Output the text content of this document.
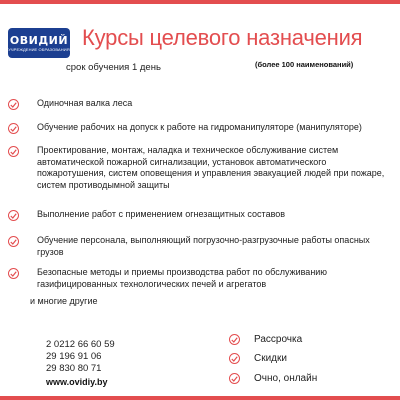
ОВИДИЙ
УЧРЕЖДЕНИЕ ОБРАЗОВАНИЯ Курсы целевого назначения
срок обучения 1 день	(более 100 наименований)
Одиночная валка леса
Обучение рабочих на допуск к работе на гидроманипуляторе (манипуляторе)
Проектирование, монтаж, наладка и техническое обслуживание систем автоматической пожарной сигнализации, установок автоматического пожаротушения, систем оповещения и управления эвакуацией людей при пожаре, систем противодымной защиты
Выполнение работ с применением огнезащитных составов
Обучение персонала, выполняющий погрузочно-разгрузочные работы опасных грузов
Безопасные методы и приемы производства работ по обслуживанию газифицированных технологических печей и агрегатов
и многие другие
2 0212 66 60 59
29 196 91 06
29 830 80 71
www.ovidiy.by
Рассрочка
Скидки
Очно, онлайн
